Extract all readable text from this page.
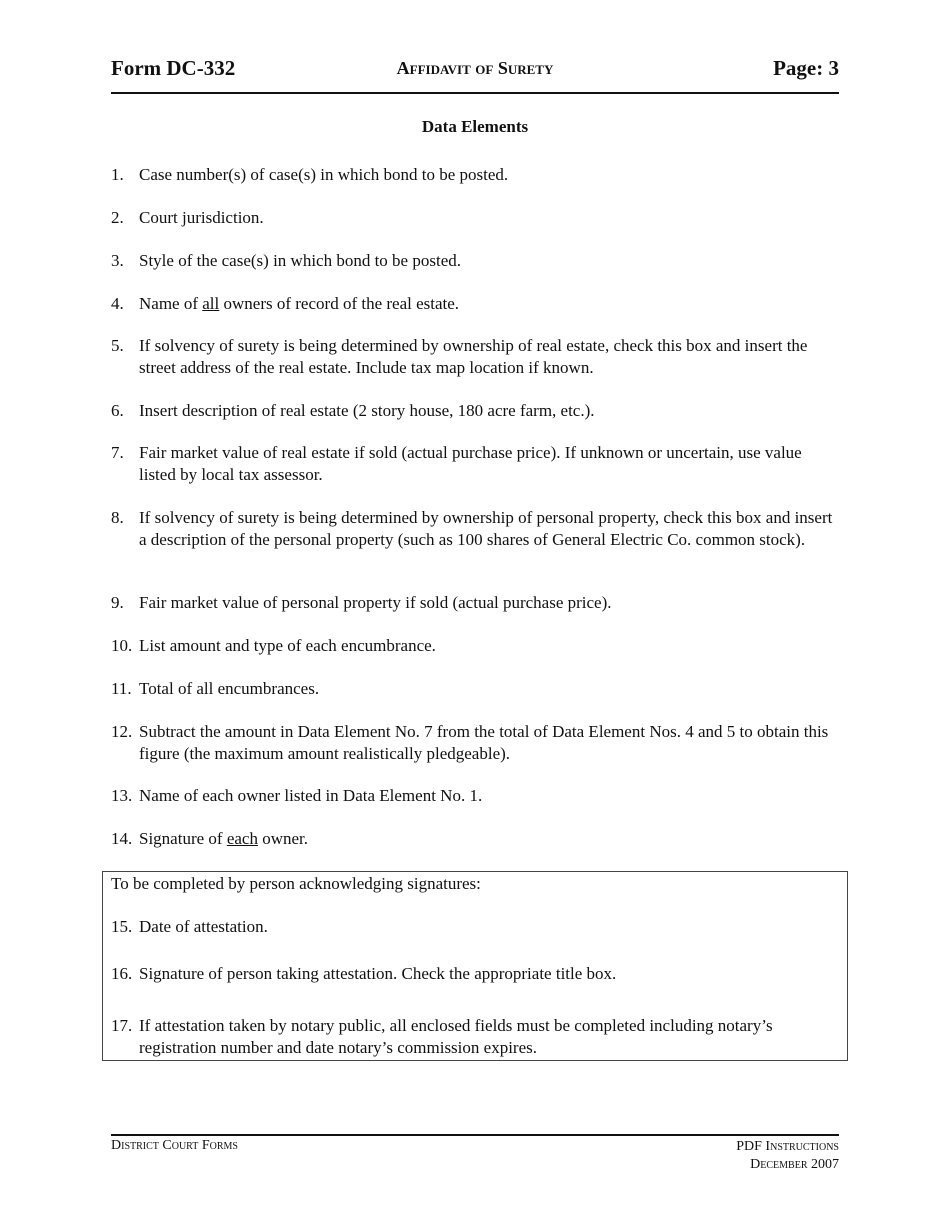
Form DC-332	Affidavit of Surety	Page: 3
Data Elements
1. Case number(s) of case(s) in which bond to be posted.
2. Court jurisdiction.
3. Style of the case(s) in which bond to be posted.
4. Name of all owners of record of the real estate.
5. If solvency of surety is being determined by ownership of real estate, check this box and insert the street address of the real estate. Include tax map location if known.
6. Insert description of real estate (2 story house, 180 acre farm, etc.).
7. Fair market value of real estate if sold (actual purchase price). If unknown or uncertain, use value listed by local tax assessor.
8. If solvency of surety is being determined by ownership of personal property, check this box and insert a description of the personal property (such as 100 shares of General Electric Co. common stock).
9. Fair market value of personal property if sold (actual purchase price).
10. List amount and type of each encumbrance.
11. Total of all encumbrances.
12. Subtract the amount in Data Element No. 7 from the total of Data Element Nos. 4 and 5 to obtain this figure (the maximum amount realistically pledgeable).
13. Name of each owner listed in Data Element No. 1.
14. Signature of each owner.
To be completed by person acknowledging signatures:
15. Date of attestation.
16. Signature of person taking attestation. Check the appropriate title box.
17. If attestation taken by notary public, all enclosed fields must be completed including notary’s registration number and date notary’s commission expires.
District Court Forms	PDF Instructions
December 2007
